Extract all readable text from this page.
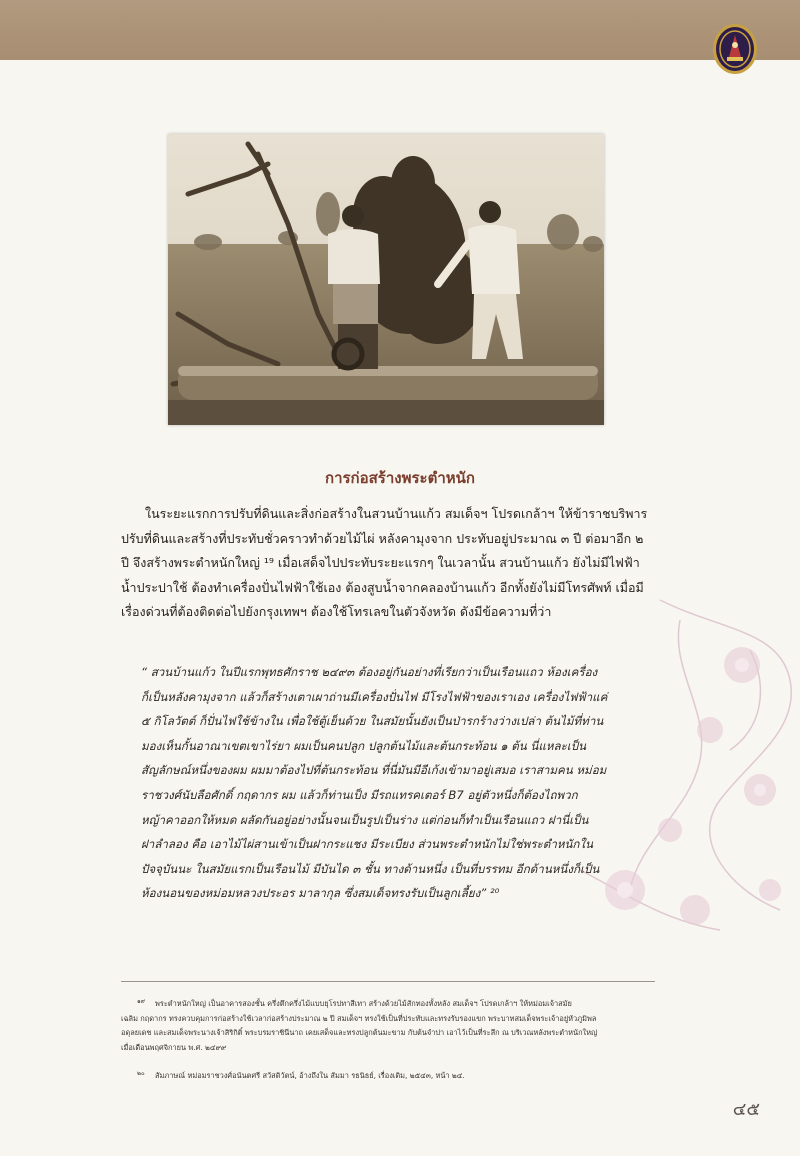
การก่อสร้างพระตำหนัก
ในระยะแรกการปรับที่ดินและสิ่งก่อสร้างในสวนบ้านแก้ว สมเด็จฯ โปรดเกล้าฯ ให้ข้าราชบริพาร
ปรับที่ดินและสร้างที่ประทับชั่วคราวทำด้วยไม้ไผ่ หลังคามุงจาก ประทับอยู่ประมาณ ๓ ปี ต่อมาอีก ๒
ปี จึงสร้างพระตำหนักใหญ่ ¹⁹ เมื่อเสด็จไปประทับระยะแรกๆ ในเวลานั้น สวนบ้านแก้ว ยังไม่มีไฟฟ้า
น้ำประปาใช้ ต้องทำเครื่องปั่นไฟฟ้าใช้เอง ต้องสูบน้ำจากคลองบ้านแก้ว อีกทั้งยังไม่มีโทรศัพท์ เมื่อมี
เรื่องด่วนที่ต้องติดต่อไปยังกรุงเทพฯ ต้องใช้โทรเลขในตัวจังหวัด ดังมีข้อความที่ว่า
“ สวนบ้านแก้ว ในปีแรกพุทธศักราช ๒๔๙๓ ต้องอยู่กันอย่างที่เรียกว่าเป็นเรือนแถว ห้องเครื่อง
ก็เป็นหลังคามุงจาก แล้วก็สร้างเตาเผาถ่านมีเครื่องปั่นไฟ มีโรงไฟฟ้าของเราเอง เครื่องไฟฟ้าแค่
๕ กิโลวัตต์ ก็ปั่นไฟใช้ข้างใน เพื่อใช้ตู้เย็นด้วย ในสมัยนั้นยังเป็นป่ารกร้างว่างเปล่า ต้นไม้ที่ท่าน
มองเห็นกั้นอาณาเขตเขาไร่ยา ผมเป็นคนปลูก ปลูกต้นไม้และต้นกระท้อน ๑ ต้น นี่แหละเป็น
สัญลักษณ์หนึ่งของผม ผมมาต้องไปที่ต้นกระท้อน ที่นี่มันมีอีเก้งเข้ามาอยู่เสมอ เราสามคน หม่อม
ราชวงศ์นับลือศักดิ์ กฤดากร ผม แล้วก็ท่านเป็ง มีรถแทรคเตอร์ B7 อยู่ตัวหนึ่งก็ต้องไถพวก
หญ้าคาออกให้หมด ผลัดกันอยู่อย่างนั้นจนเป็นรูปเป็นร่าง แต่ก่อนก็ทำเป็นเรือนแถว ฝานี่เป็น
ฝาลำลอง คือ เอาไม้ไผ่สานเข้าเป็นฝากระแชง มีระเบียง ส่วนพระตำหนักไม่ใช่พระตำหนักใน
ปัจจุบันนะ ในสมัยแรกเป็นเรือนไม้ มีบันได ๓ ชั้น ทางด้านหนึ่ง เป็นที่บรรทม อีกด้านหนึ่งก็เป็น
ห้องนอนของหม่อมหลวงประอร มาลากุล ซึ่งสมเด็จทรงรับเป็นลูกเลี้ยง” ²⁰
๑๙	พระตำหนักใหญ่ เป็นอาคารสองชั้น ครึ่งตึกครึ่งไม้แบบยุโรปทาสีเทา สร้างด้วยไม้สักทองทั้งหลัง สมเด็จฯ โปรดเกล้าฯ ให้หม่อมเจ้าสมัย
เฉลิม กฤดากร ทรงควบคุมการก่อสร้างใช้เวลาก่อสร้างประมาณ ๒ ปี สมเด็จฯ ทรงใช้เป็นที่ประทับและทรงรับรองแขก พระบาทสมเด็จพระเจ้าอยู่หัวภูมิพล
อดุลยเดช และสมเด็จพระนางเจ้าสิริกิติ์ พระบรมราชินีนาถ เคยเสด็จและทรงปลูกต้นมะขาม กับต้นจำปา เอาไว้เป็นที่ระลึก ณ บริเวณหลังพระตำหนักใหญ่
เมื่อเดือนพฤศจิกายน พ.ศ. ๒๔๙๙
๒๐	สัมภาษณ์ หม่อมราชวงศ์อนันตศรี สวัสดิวัตน์, อ้างถึงใน สัมมา รธนิธย์, เรื่องเดิม, ๒๕๔๓, หน้า ๒๔.
๔๕
